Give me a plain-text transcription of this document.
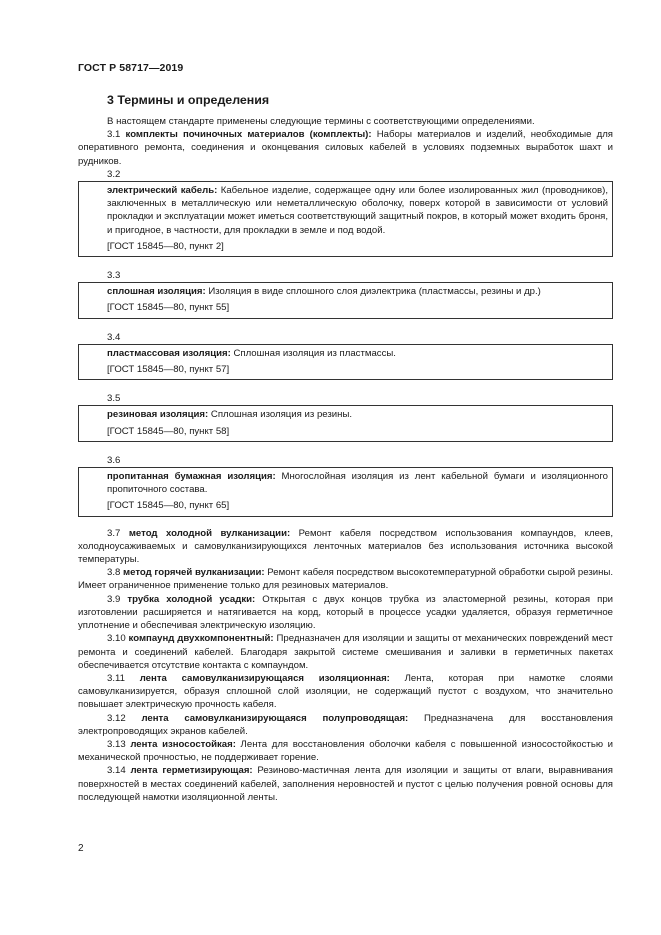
ГОСТ Р 58717—2019
3 Термины и определения

В настоящем стандарте применены следующие термины с соответствующими определениями.

3.1 комплекты починочных материалов (комплекты): Наборы материалов и изделий, необходимые для оперативного ремонта, соединения и оконцевания силовых кабелей в условиях подземных выработок шахт и рудников.

3.2

электрический кабель: Кабельное изделие, содержащее одну или более изолированных жил (проводников), заключенных в металлическую или неметаллическую оболочку, поверх которой в зависимости от условий прокладки и эксплуатации может иметься соответствующий защитный покров, в который может входить броня, и пригодное, в частности, для прокладки в земле и под водой.

[ГОСТ 15845—80, пункт 2]

3.3

сплошная изоляция: Изоляция в виде сплошного слоя диэлектрика (пластмассы, резины и др.)

[ГОСТ 15845—80, пункт 55]

3.4

пластмассовая изоляция: Сплошная изоляция из пластмассы.

[ГОСТ 15845—80, пункт 57]

3.5

резиновая изоляция: Сплошная изоляция из резины.

[ГОСТ 15845—80, пункт 58]

3.6

пропитанная бумажная изоляция: Многослойная изоляция из лент кабельной бумаги и изоляционного пропиточного состава.

[ГОСТ 15845—80, пункт 65]

3.7 метод холодной вулканизации: Ремонт кабеля посредством использования компаундов, клеев, холодноусаживаемых и самовулканизирующихся ленточных материалов без использования источника высокой температуры.

3.8 метод горячей вулканизации: Ремонт кабеля посредством высокотемпературной обработки сырой резины. Имеет ограниченное применение только для резиновых материалов.

3.9 трубка холодной усадки: Открытая с двух концов трубка из эластомерной резины, которая при изготовлении расширяется и натягивается на корд, который в процессе усадки удаляется, образуя герметичное уплотнение и обеспечивая электрическую изоляцию.

3.10 компаунд двухкомпонентный: Предназначен для изоляции и защиты от механических повреждений мест ремонта и соединений кабелей. Благодаря закрытой системе смешивания и заливки в герметичных пакетах обеспечивается отсутствие контакта с компаундом.

3.11 лента самовулканизирующаяся изоляционная: Лента, которая при намотке слоями самовулканизируется, образуя сплошной слой изоляции, не содержащий пустот с воздухом, что значительно повышает электрическую прочность кабеля.

3.12 лента самовулканизирующаяся полупроводящая: Предназначена для восстановления электропроводящих экранов кабелей.

3.13 лента износостойкая: Лента для восстановления оболочки кабеля с повышенной износостойкостью и механической прочностью, не поддерживает горение.

3.14 лента герметизирующая: Резиново-мастичная лента для изоляции и защиты от влаги, выравнивания поверхностей в местах соединений кабелей, заполнения неровностей и пустот с целью получения ровной основы для последующей намотки изоляционной ленты.

2
